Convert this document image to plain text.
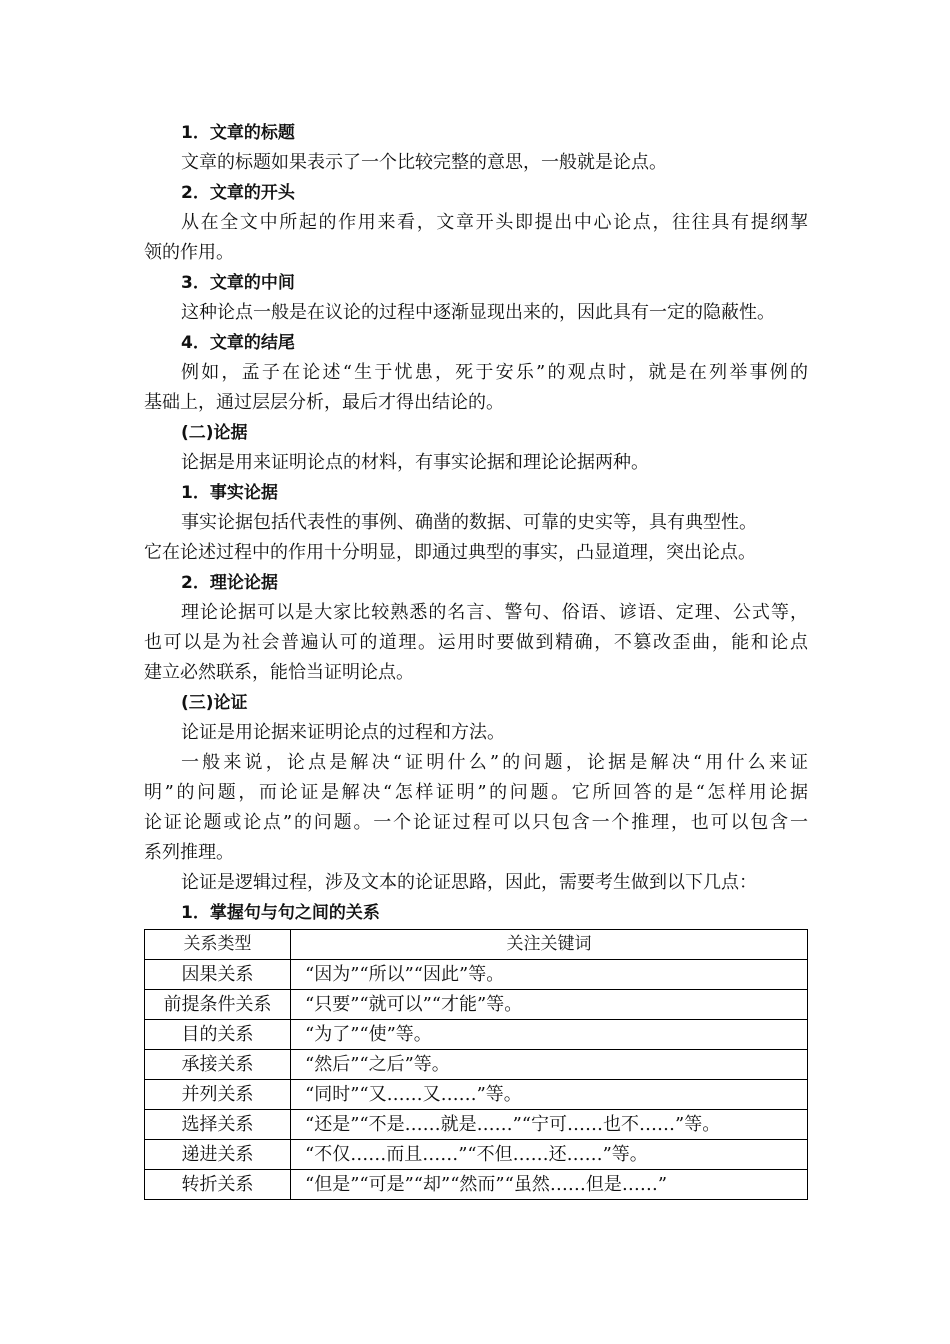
1．文章的标题
文章的标题如果表示了一个比较完整的意思，一般就是论点。
2．文章的开头
从在全文中所起的作用来看，文章开头即提出中心论点，往往具有提纲挈
领的作用。
3．文章的中间
这种论点一般是在议论的过程中逐渐显现出来的，因此具有一定的隐蔽性。
4．文章的结尾
例如，孟子在论述“生于忧患，死于安乐”的观点时，就是在列举事例的
基础上，通过层层分析，最后才得出结论的。
(二)论据
论据是用来证明论点的材料，有事实论据和理论论据两种。
1．事实论据
事实论据包括代表性的事例、确凿的数据、可靠的史实等，具有典型性。
它在论述过程中的作用十分明显，即通过典型的事实，凸显道理，突出论点。
2．理论论据
理论论据可以是大家比较熟悉的名言、警句、俗语、谚语、定理、公式等，
也可以是为社会普遍认可的道理。运用时要做到精确，不篡改歪曲，能和论点
建立必然联系，能恰当证明论点。
(三)论证
论证是用论据来证明论点的过程和方法。
一般来说，论点是解决“证明什么”的问题，论据是解决“用什么来证
明”的问题，而论证是解决“怎样证明”的问题。它所回答的是“怎样用论据
论证论题或论点”的问题。一个论证过程可以只包含一个推理，也可以包含一
系列推理。
论证是逻辑过程，涉及文本的论证思路，因此，需要考生做到以下几点：
1．掌握句与句之间的关系
关系类型	关注关键词
因果关系	“因为”“所以”“因此”等。
前提条件关系	“只要”“就可以”“才能”等。
目的关系	“为了”“使”等。
承接关系	“然后”“之后”等。
并列关系	“同时”“又……又……”等。
选择关系	“还是”“不是……就是……”“宁可……也不……”等。
递进关系	“不仅……而且……”“不但……还……”等。
转折关系	“但是”“可是”“却”“然而”“虽然……但是……”
